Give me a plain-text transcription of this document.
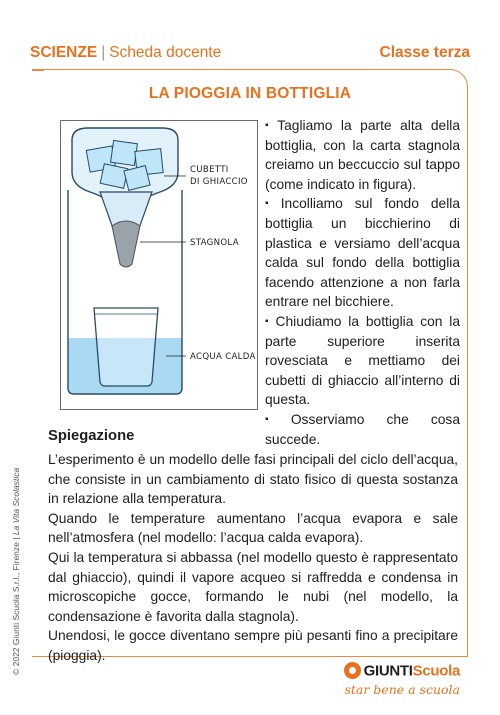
SCIENZE | Scheda docente	Classe terza
LA PIOGGIA IN BOTTIGLIA
CUBETTI
DI GHIACCIO
STAGNOLA
ACQUA CALDA
▪ Tagliamo la parte alta della bottiglia, con la carta stagnola creiamo un beccuccio sul tappo (come indicato in figura).
▪ Incolliamo sul fondo della bottiglia un bicchierino di plastica e versiamo dell’acqua calda sul fondo della bottiglia facendo attenzione a non farla entrare nel bicchiere.
▪ Chiudiamo la bottiglia con la parte superiore inserita rovesciata e mettiamo dei cubetti di ghiaccio all’interno di questa.
▪ Osserviamo che cosa succede.
Spiegazione

L’esperimento è un modello delle fasi principali del ciclo dell’acqua, che consiste in un cambiamento di stato fisico di questa sostanza in relazione alla temperatura.

Quando le temperature aumentano l’acqua evapora e sale nell’atmosfera (nel modello: l’acqua calda evapora).

Qui la temperatura si abbassa (nel modello questo è rappresentato dal ghiaccio), quindi il vapore acqueo si raffredda e condensa in microscopiche gocce, formando le nubi (nel modello, la condensazione è favorita dalla stagnola).

Unendosi, le gocce diventano sempre più pesanti fino a precipitare (pioggia).

© 2022 Giunti Scuola S.r.l., Firenze | La Vita Scolastica
GIUNTIScuola
star bene a scuola
